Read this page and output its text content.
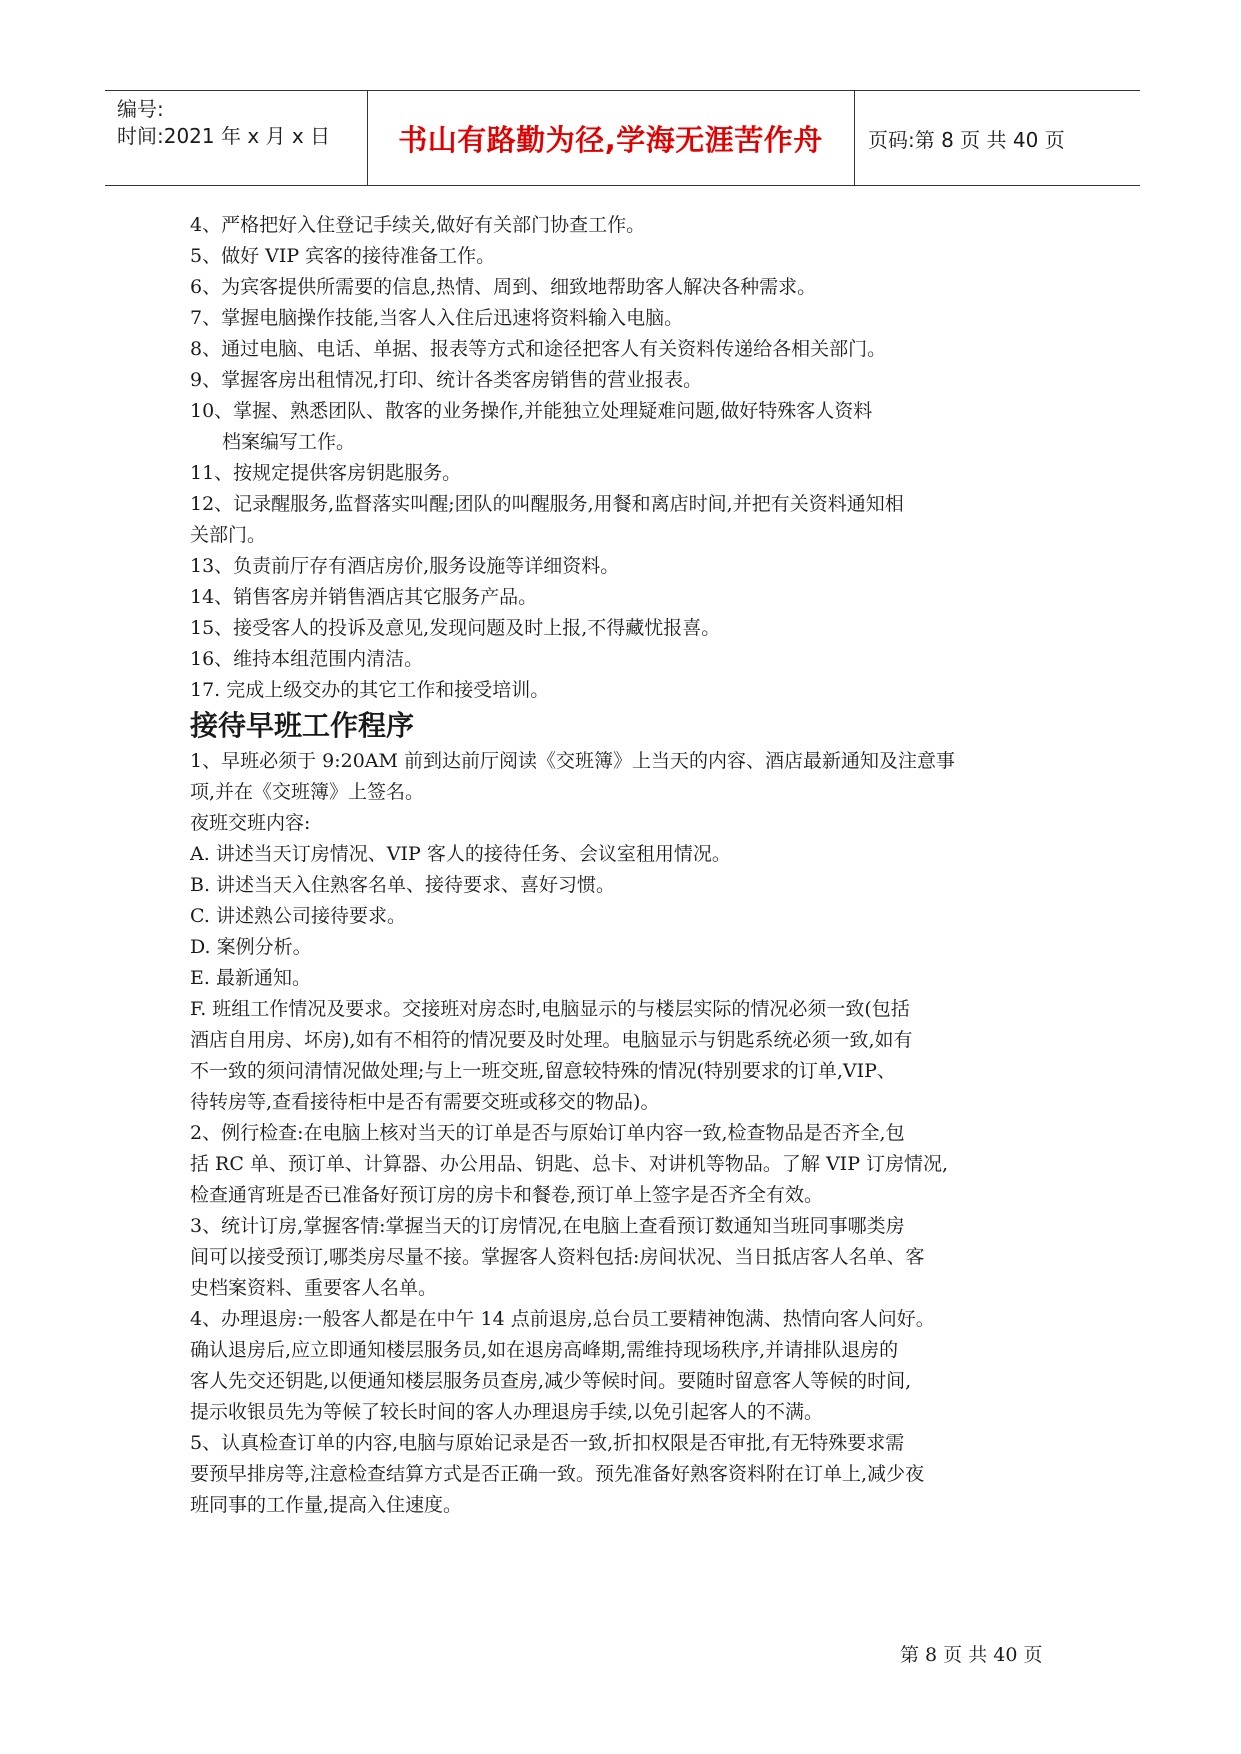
编号:
时间:2021 年 x 月 x 日	书山有路勤为径,学海无涯苦作舟	页码:第 8 页 共 40 页
4、严格把好入住登记手续关,做好有关部门协查工作。
5、做好 VIP 宾客的接待准备工作。
6、为宾客提供所需要的信息,热情、周到、细致地帮助客人解决各种需求。
7、掌握电脑操作技能,当客人入住后迅速将资料输入电脑。
8、通过电脑、电话、单据、报表等方式和途径把客人有关资料传递给各相关部门。
9、掌握客房出租情况,打印、统计各类客房销售的营业报表。
10、掌握、熟悉团队、散客的业务操作,并能独立处理疑难问题,做好特殊客人资料
档案编写工作。
11、按规定提供客房钥匙服务。
12、记录醒服务,监督落实叫醒;团队的叫醒服务,用餐和离店时间,并把有关资料通知相
关部门。
13、负责前厅存有酒店房价,服务设施等详细资料。
14、销售客房并销售酒店其它服务产品。
15、接受客人的投诉及意见,发现问题及时上报,不得藏忧报喜。
16、维持本组范围内清洁。
17. 完成上级交办的其它工作和接受培训。
接待早班工作程序
1、早班必须于 9:20AM 前到达前厅阅读《交班簿》上当天的内容、酒店最新通知及注意事
项,并在《交班簿》上签名。
夜班交班内容:
A. 讲述当天订房情况、VIP 客人的接待任务、会议室租用情况。
B. 讲述当天入住熟客名单、接待要求、喜好习惯。
C. 讲述熟公司接待要求。
D. 案例分析。
E. 最新通知。
F. 班组工作情况及要求。交接班对房态时,电脑显示的与楼层实际的情况必须一致(包括
酒店自用房、坏房),如有不相符的情况要及时处理。电脑显示与钥匙系统必须一致,如有
不一致的须问清情况做处理;与上一班交班,留意较特殊的情况(特别要求的订单,VIP、
待转房等,查看接待柜中是否有需要交班或移交的物品)。
2、例行检查:在电脑上核对当天的订单是否与原始订单内容一致,检查物品是否齐全,包
括 RC 单、预订单、计算器、办公用品、钥匙、总卡、对讲机等物品。了解 VIP 订房情况,
检查通宵班是否已准备好预订房的房卡和餐卷,预订单上签字是否齐全有效。
3、统计订房,掌握客情:掌握当天的订房情况,在电脑上查看预订数通知当班同事哪类房
间可以接受预订,哪类房尽量不接。掌握客人资料包括:房间状况、当日抵店客人名单、客
史档案资料、重要客人名单。
4、办理退房:一般客人都是在中午 14 点前退房,总台员工要精神饱满、热情向客人问好。
确认退房后,应立即通知楼层服务员,如在退房高峰期,需维持现场秩序,并请排队退房的
客人先交还钥匙,以便通知楼层服务员查房,减少等候时间。要随时留意客人等候的时间,
提示收银员先为等候了较长时间的客人办理退房手续,以免引起客人的不满。
5、认真检查订单的内容,电脑与原始记录是否一致,折扣权限是否审批,有无特殊要求需
要预早排房等,注意检查结算方式是否正确一致。预先准备好熟客资料附在订单上,减少夜
班同事的工作量,提高入住速度。
第 8 页 共 40 页
